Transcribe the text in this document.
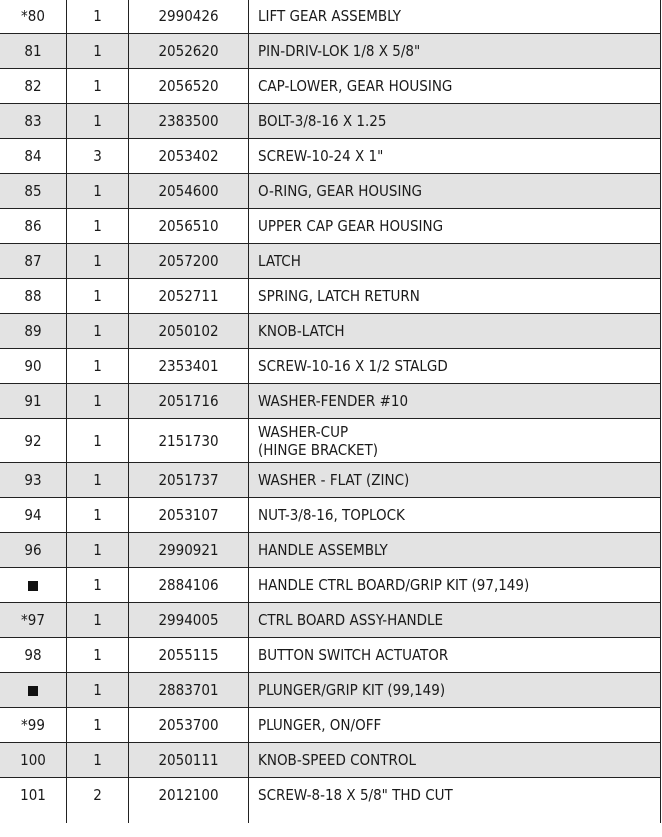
*80	1	2990426	LIFT GEAR ASSEMBLY

81	1	2052620	PIN-DRIV-LOK 1/8 X 5/8"

82	1	2056520	CAP-LOWER, GEAR HOUSING

83	1	2383500	BOLT-3/8-16 X 1.25

84	3	2053402	SCREW-10-24 X 1"

85	1	2054600	O-RING, GEAR HOUSING

86	1	2056510	UPPER CAP GEAR HOUSING

87	1	2057200	LATCH

88	1	2052711	SPRING, LATCH RETURN

89	1	2050102	KNOB-LATCH

90	1	2353401	SCREW-10-16 X 1/2 STALGD

91	1	2051716	WASHER-FENDER #10

92	1	2151730	WASHER-CUP
(HINGE BRACKET)

93	1	2051737	WASHER - FLAT (ZINC)

94	1	2053107	NUT-3/8-16, TOPLOCK

96	1	2990921	HANDLE ASSEMBLY

	1	2884106	HANDLE CTRL BOARD/GRIP KIT (97,149)

*97	1	2994005	CTRL BOARD ASSY-HANDLE

98	1	2055115	BUTTON SWITCH ACTUATOR

	1	2883701	PLUNGER/GRIP KIT (99,149)

*99	1	2053700	PLUNGER, ON/OFF

100	1	2050111	KNOB-SPEED CONTROL

101	2	2012100	SCREW-8-18 X 5/8" THD CUT
